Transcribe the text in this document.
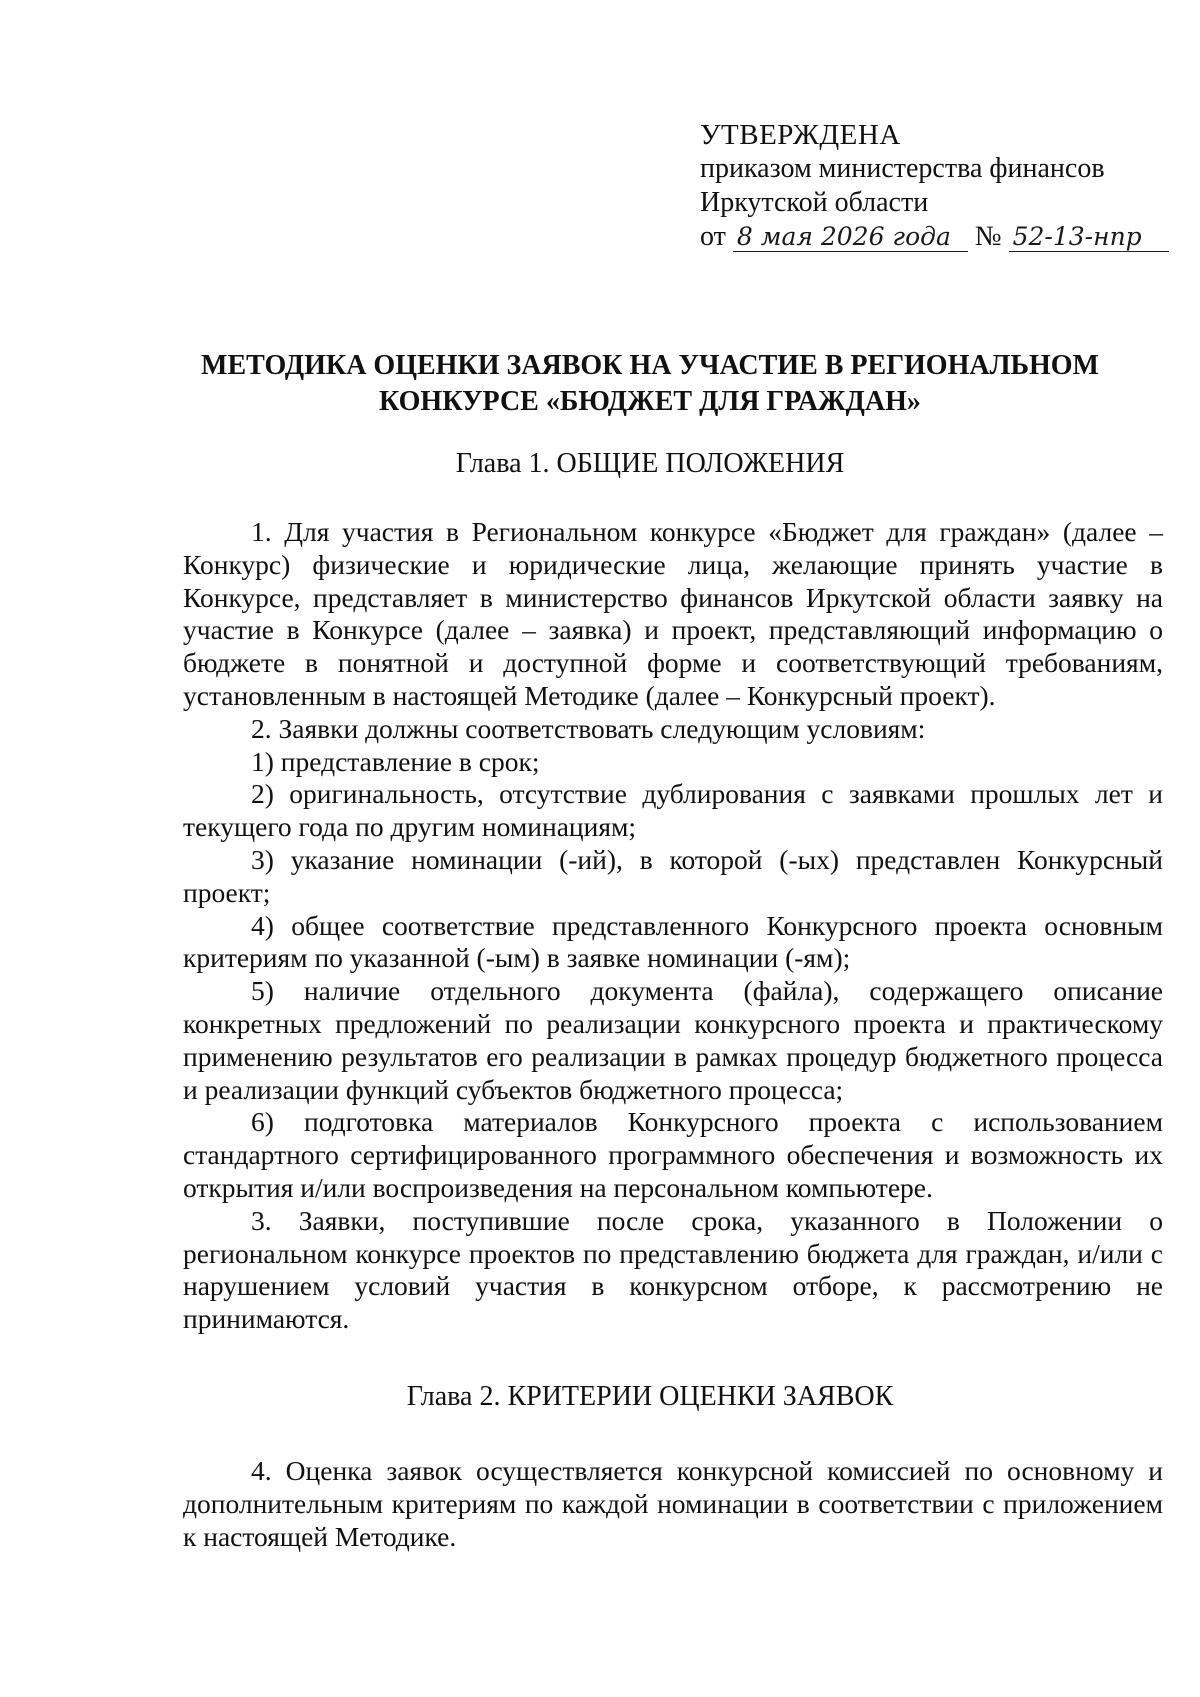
УТВЕРЖДЕНА
приказом министерства финансов
Иркутской области
от 8 мая 2026 года № 52-13-нпр
МЕТОДИКА ОЦЕНКИ ЗАЯВОК НА УЧАСТИЕ В РЕГИОНАЛЬНОМ
КОНКУРСЕ «БЮДЖЕТ ДЛЯ ГРАЖДАН»
Глава 1. ОБЩИЕ ПОЛОЖЕНИЯ

1. Для участия в Региональном конкурсе «Бюджет для граждан» (далее – Конкурс) физические и юридические лица, желающие принять участие в Конкурсе, представляет в министерство финансов Иркутской области заявку на участие в Конкурсе (далее – заявка) и проект, представляющий информацию о бюджете в понятной и доступной форме и соответствующий требованиям, установленным в настоящей Методике (далее – Конкурсный проект).

2. Заявки должны соответствовать следующим условиям:

1) представление в срок;

2) оригинальность, отсутствие дублирования с заявками прошлых лет и текущего года по другим номинациям;

3) указание номинации (-ий), в которой (-ых) представлен Конкурсный проект;

4) общее соответствие представленного Конкурсного проекта основным критериям по указанной (-ым) в заявке номинации (-ям);

5) наличие отдельного документа (файла), содержащего описание конкретных предложений по реализации конкурсного проекта и практическому применению результатов его реализации в рамках процедур бюджетного процесса и реализации функций субъектов бюджетного процесса;

6) подготовка материалов Конкурсного проекта с использованием стандартного сертифицированного программного обеспечения и возможность их открытия и/или воспроизведения на персональном компьютере.

3. Заявки, поступившие после срока, указанного в Положении о региональном конкурсе проектов по представлению бюджета для граждан, и/или с нарушением условий участия в конкурсном отборе, к рассмотрению не принимаются.

Глава 2. КРИТЕРИИ ОЦЕНКИ ЗАЯВОК

4. Оценка заявок осуществляется конкурсной комиссией по основному и дополнительным критериям по каждой номинации в соответствии с приложением к настоящей Методике.
